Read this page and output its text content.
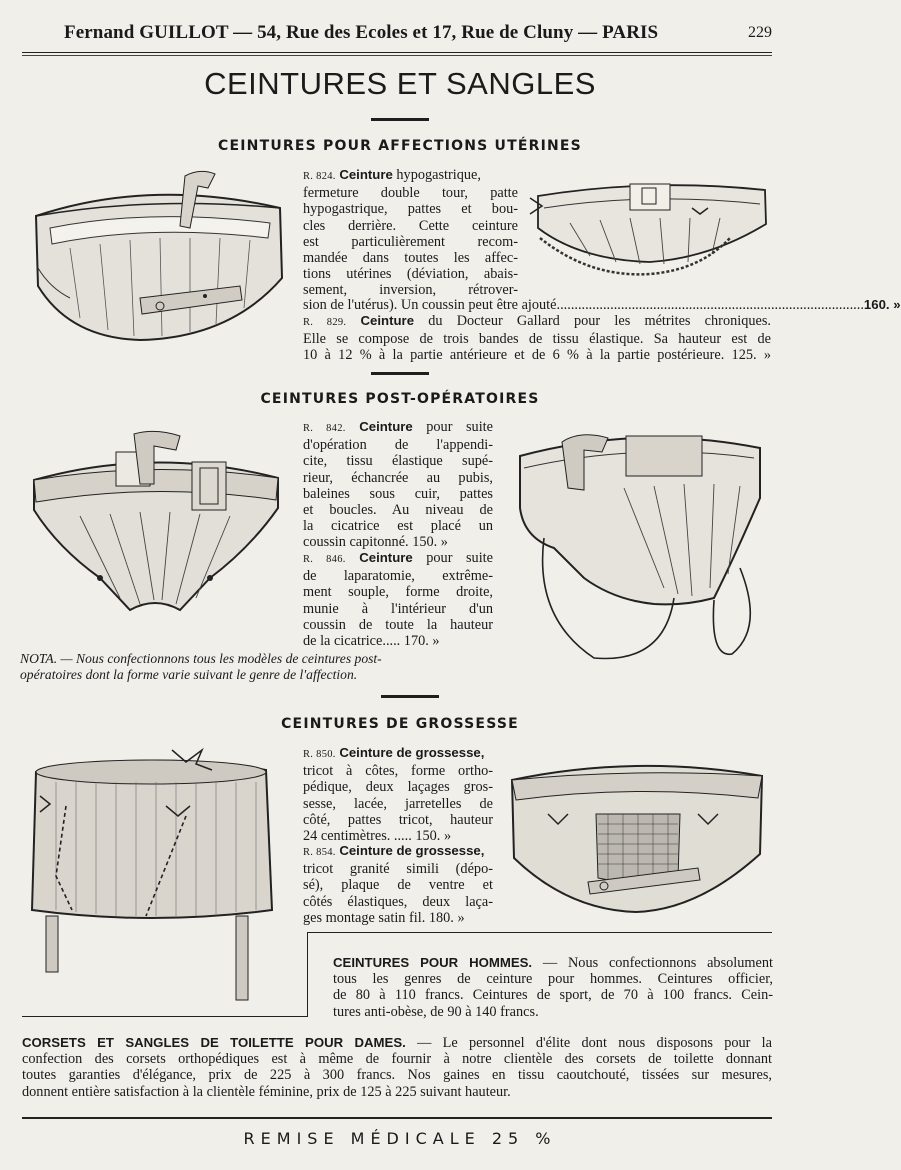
Fernand GUILLOT — 54, Rue des Ecoles et 17, Rue de Cluny — PARIS	229
CEINTURES ET SANGLES
CEINTURES POUR AFFECTIONS UTÉRINES
R. 824. Ceinture hypogastrique,
fermeture double tour, patte
hypogastrique, pattes et bou-
cles derrière. Cette ceinture
est particulièrement recom-
mandée dans toutes les affec-
tions utérines (déviation, abais-
sement, inversion, rétrover-
sion de l'utérus). Un coussin peut être ajouté ...................................................................................... 160. »
R. 829. Ceinture du Docteur Gallard pour les métrites chroniques.
Elle se compose de trois bandes de tissu élastique. Sa hauteur est de
10 à 12 % à la partie antérieure et de 6 % à la partie postérieure. 125. »
CEINTURES POST-OPÉRATOIRES
R. 842. Ceinture pour suite
d'opération de l'appendi-
cite, tissu élastique supé-
rieur, échancrée au pubis,
baleines sous cuir, pattes
et boucles. Au niveau de
la cicatrice est placé un
coussin capitonné. 150. »
R. 846. Ceinture pour suite
de laparatomie, extrême-
ment souple, forme droite,
munie à l'intérieur d'un
coussin de toute la hauteur
de la cicatrice..... 170. »
NOTA. — Nous confectionnons tous les modèles de ceintures post-
opératoires dont la forme varie suivant le genre de l'affection.
CEINTURES DE GROSSESSE
R. 850. Ceinture de grossesse,
tricot à côtes, forme ortho-
pédique, deux laçages gros-
sesse, lacée, jarretelles de
côté, pattes tricot, hauteur
24 centimètres. ..... 150. »
R. 854. Ceinture de grossesse,
tricot granité simili (dépo-
sé), plaque de ventre et
côtés élastiques, deux laça-
ges montage satin fil. 180. »
CEINTURES POUR HOMMES. — Nous confectionnons absolument
tous les genres de ceinture pour hommes. Ceintures officier,
de 80 à 110 francs. Ceintures de sport, de 70 à 100 francs. Cein-
tures anti-obèse, de 90 à 140 francs.
CORSETS ET SANGLES DE TOILETTE POUR DAMES. — Le personnel d'élite dont nous disposons pour la
confection des corsets orthopédiques est à même de fournir à notre clientèle des corsets de toilette donnant
toutes garanties d'élégance, prix de 225 à 300 francs. Nos gaines en tissu caoutchouté, tissées sur mesures,
donnent entière satisfaction à la clientèle féminine, prix de 125 à 225 suivant hauteur.
REMISE MÉDICALE 25 %
